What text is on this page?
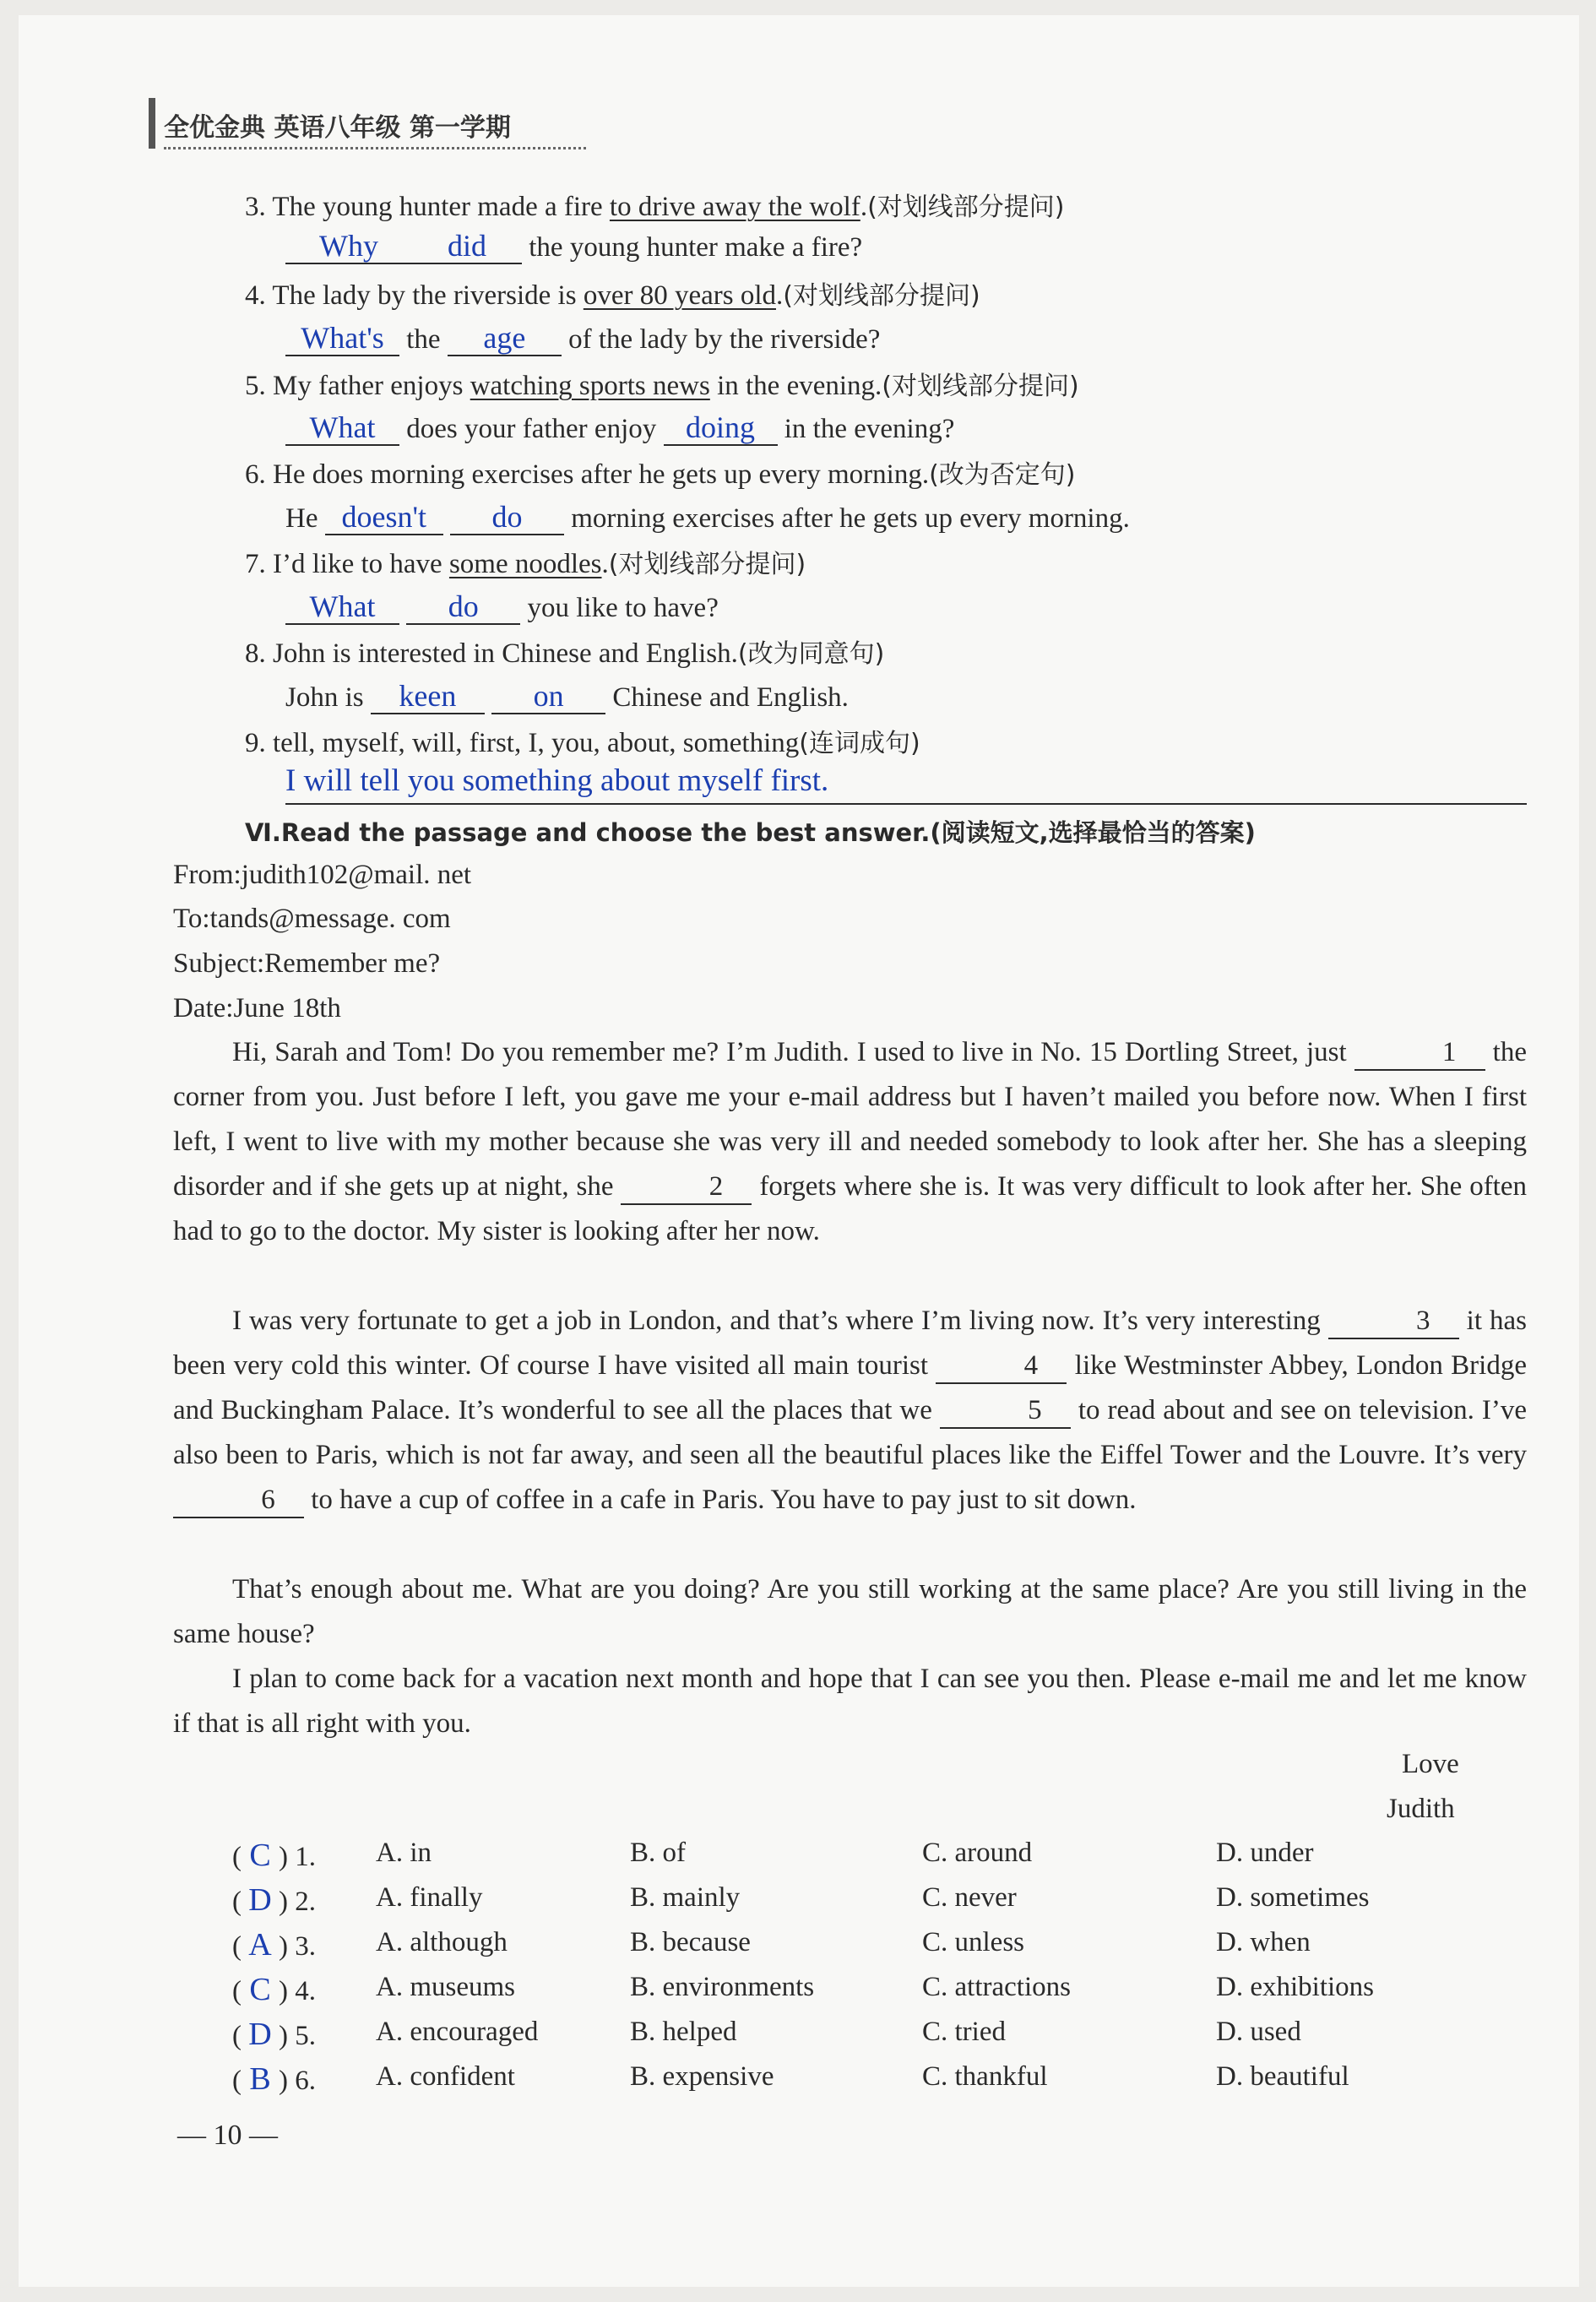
全优金典 英语八年级 第一学期
3. The young hunter made a fire to drive away the wolf.(对划线部分提问)
Why did the young hunter make a fire?
4. The lady by the riverside is over 80 years old.(对划线部分提问)
What's the age of the lady by the riverside?
5. My father enjoys watching sports news in the evening.(对划线部分提问)
What does your father enjoy doing in the evening?
6. He does morning exercises after he gets up every morning.(改为否定句)
He doesn't do morning exercises after he gets up every morning.
7. I’d like to have some noodles.(对划线部分提问)
What do you like to have?
8. John is interested in Chinese and English.(改为同意句)
John is keen	on Chinese and English.
9. tell, myself, will, first, I, you, about, something(连词成句)
I will tell you something about myself first.
Ⅵ.Read the passage and choose the best answer.(阅读短文,选择最恰当的答案)
From:judith102@mail. net
To:tands@message. com
Subject:Remember me?
Date:June 18th
Hi, Sarah and Tom! Do you remember me? I’m Judith. I used to live in No. 15 Dortling Street, just	1 the corner from you. Just before I left, you gave me your e-mail address but I haven’t mailed you before now. When I first left, I went to live with my mother because she was very ill and needed somebody to look after her. She has a sleeping disorder and if she gets up at night, she	2 forgets where she is. It was very difficult to look after her. She often had to go to the doctor. My sister is looking after her now.
I was very fortunate to get a job in London, and that’s where I’m living now. It’s very interesting	3 it has been very cold this winter. Of course I have visited all main tourist	4 like Westminster Abbey, London Bridge and Buckingham Palace. It’s wonderful to see all the places that we	5 to read about and see on television. I’ve also been to Paris, which is not far away, and seen all the beautiful places like the Eiffel Tower and the Louvre. It’s very 6 to have a cup of coffee in a cafe in Paris. You have to pay just to sit down.
That’s enough about me. What are you doing? Are you still working at the same place? Are you still living in the same house?
I plan to come back for a vacation next month and hope that I can see you then. Please e-mail me and let me know if that is all right with you.
Love
Judith
( C ) 1. A. in	B. of	C. around	D. under
( D ) 2. A. finally	B. mainly	C. never	D. sometimes
( A ) 3. A. although	B. because	C. unless	D. when
( C ) 4. A. museums	B. environments	C. attractions	D. exhibitions
( D ) 5. A. encouraged	B. helped	C. tried	D. used
( B ) 6. A. confident	B. expensive	C. thankful	D. beautiful
— 10 —
